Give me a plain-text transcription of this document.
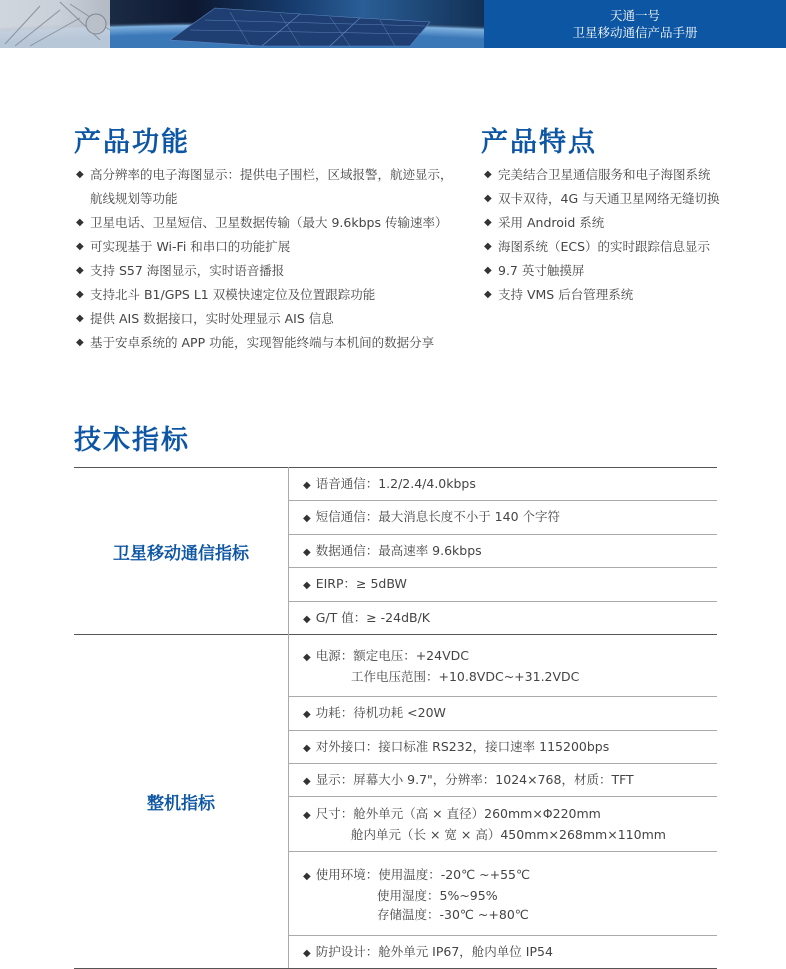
天通一号
卫星移动通信产品手册
产品功能
◆ 高分辨率的电子海图显示：提供电子围栏，区域报警，航迹显示，
航线规划等功能
◆ 卫星电话、卫星短信、卫星数据传输（最大 9.6kbps 传输速率）
◆ 可实现基于 Wi-Fi 和串口的功能扩展
◆ 支持 S57 海图显示，实时语音播报
◆ 支持北斗 B1/GPS L1 双模快速定位及位置跟踪功能
◆ 提供 AIS 数据接口，实时处理显示 AIS 信息
◆ 基于安卓系统的 APP 功能，实现智能终端与本机间的数据分享
产品特点
◆ 完美结合卫星通信服务和电子海图系统
◆ 双卡双待，4G 与天通卫星网络无缝切换
◆ 采用 Android 系统
◆ 海图系统（ECS）的实时跟踪信息显示
◆ 9.7 英寸触摸屏
◆ 支持 VMS 后台管理系统
技术指标
卫星移动通信指标	◆ 语音通信：1.2/2.4/4.0kbps

	◆ 短信通信：最大消息长度不小于 140 个字符

	◆ 数据通信：最高速率 9.6kbps

	◆ EIRP：≥ 5dBW

	◆ G/T 值：≥ -24dB/K

整机指标	◆ 电源：额定电压：+24VDC
工作电压范围：+10.8VDC~+31.2VDC

	◆ 功耗：待机功耗 <20W

	◆ 对外接口：接口标准 RS232，接口速率 115200bps

	◆ 显示：屏幕大小 9.7"，分辨率：1024×768，材质：TFT

	◆ 尺寸：舱外单元（高 × 直径）260mm×Φ220mm
舱内单元（长 × 宽 × 高）450mm×268mm×110mm

	◆ 使用环境：使用温度：-20℃ ~+55℃
使用湿度：5%~95%
存储温度：-30℃ ~+80℃

	◆ 防护设计：舱外单元 IP67，舱内单位 IP54
